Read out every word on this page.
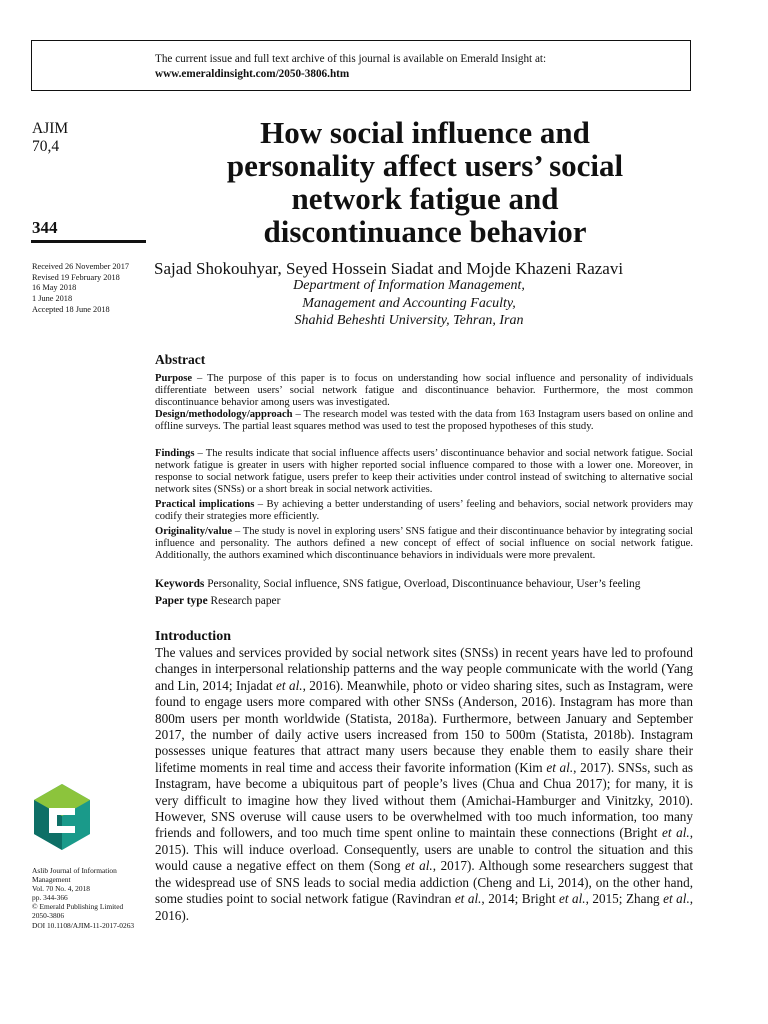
The current issue and full text archive of this journal is available on Emerald Insight at:
www.emeraldinsight.com/2050-3806.htm
AJIM
70,4
344
Received 26 November 2017
Revised 19 February 2018
16 May 2018
1 June 2018
Accepted 18 June 2018
How social influence and
personality affect users’ social
network fatigue and
discontinuance behavior
Sajad Shokouhyar, Seyed Hossein Siadat and Mojde Khazeni Razavi
Department of Information Management,
Management and Accounting Faculty,
Shahid Beheshti University, Tehran, Iran
Abstract
Purpose – The purpose of this paper is to focus on understanding how social influence and personality of individuals differentiate between users’ social network fatigue and discontinuance behavior. Furthermore, the most common discontinuance behavior among users was investigated.
Design/methodology/approach – The research model was tested with the data from 163 Instagram users based on online and offline surveys. The partial least squares method was used to test the proposed hypotheses of this study.
Findings – The results indicate that social influence affects users’ discontinuance behavior and social network fatigue. Social network fatigue is greater in users with higher reported social influence compared to those with a lower one. Moreover, in response to social network fatigue, users prefer to keep their activities under control instead of switching to alternative social network sites (SNSs) or a short break in social network activities.
Practical implications – By achieving a better understanding of users’ feeling and behaviors, social network providers may codify their strategies more efficiently.
Originality/value – The study is novel in exploring users’ SNS fatigue and their discontinuance behavior by integrating social influence and personality. The authors defined a new concept of effect of social influence on social network fatigue. Additionally, the authors examined which discontinuance behaviors in individuals were more prevalent.
Keywords Personality, Social influence, SNS fatigue, Overload, Discontinuance behaviour, User’s feeling
Paper type Research paper
Introduction
The values and services provided by social network sites (SNSs) in recent years have led to profound changes in interpersonal relationship patterns and the way people communicate with the world (Yang and Lin, 2014; Injadat et al., 2016). Meanwhile, photo or video sharing sites, such as Instagram, were found to engage users more compared with other SNSs (Anderson, 2016). Instagram has more than 800m users per month worldwide (Statista, 2018a). Furthermore, between January and September 2017, the number of daily active users increased from 150 to 500m (Statista, 2018b). Instagram possesses unique features that attract many users because they enable them to easily share their lifetime moments in real time and access their favorite information (Kim et al., 2017). SNSs, such as Instagram, have become a ubiquitous part of people’s lives (Chua and Chua 2017); for many, it is very difficult to imagine how they lived without them (Amichai-Hamburger and Vinitzky, 2010). However, SNS overuse will cause users to be overwhelmed with too much information, too many friends and followers, and too much time spent online to maintain these connections (Bright et al., 2015). This will induce overload. Consequently, users are unable to control the situation and this would cause a negative effect on them (Song et al., 2017). Although some researchers suggest that the widespread use of SNS leads to social media addiction (Cheng and Li, 2014), on the other hand, some studies point to social network fatigue (Ravindran et al., 2014; Bright et al., 2015; Zhang et al., 2016).
Aslib Journal of Information
Management
Vol. 70 No. 4, 2018
pp. 344-366
© Emerald Publishing Limited
2050-3806
DOI 10.1108/AJIM-11-2017-0263
